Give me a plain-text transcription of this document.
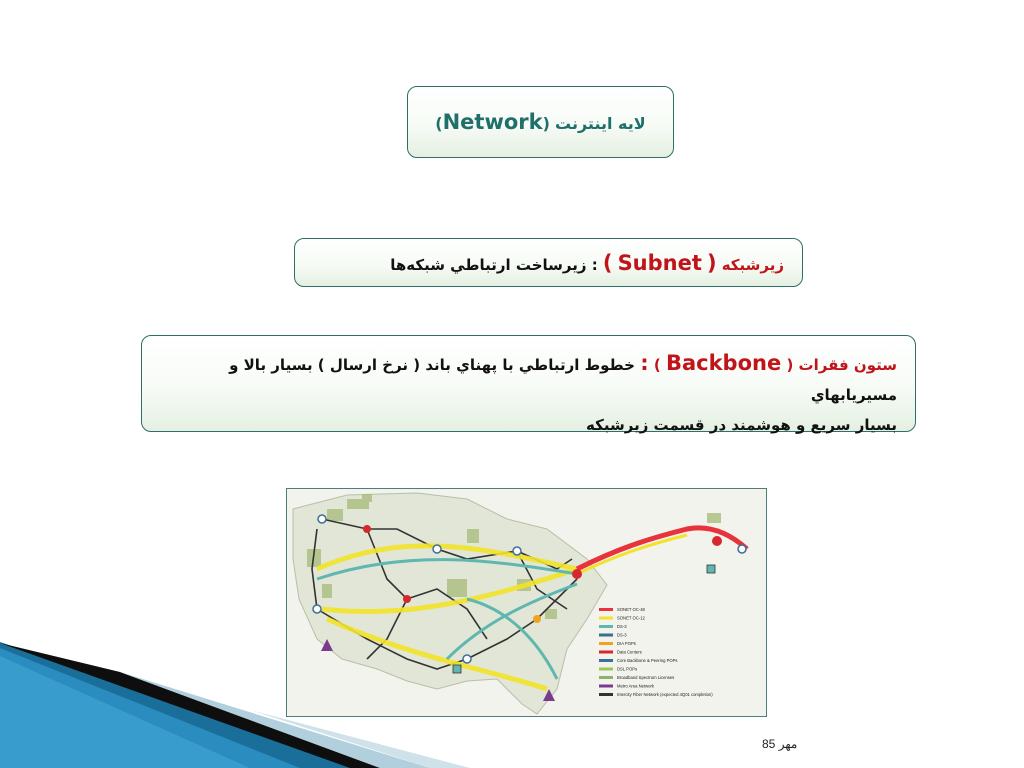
لايه اينترنت (Network)
زيرشبکه ( Subnet ) : زيرساخت ارتباطي شبکه‌ها
ستون فقرات ( Backbone ) : خطوط ارتباطي با پهناي باند ( نرخ ارسال ) بسيار بالا و مسيريابهاي
بسيار سريع و هوشمند در قسمت زيرشبکه
SONET OC-48
SONET OC-12
DS-3
DS-3
DIA POPs
Data Centers
Core Backbone & Peering POPs
DSL POPs
Broadband Spectrum Licenses
Metro Area Network
Intercity Fiber Network (expected 4Q01 completion)
مهر 85
